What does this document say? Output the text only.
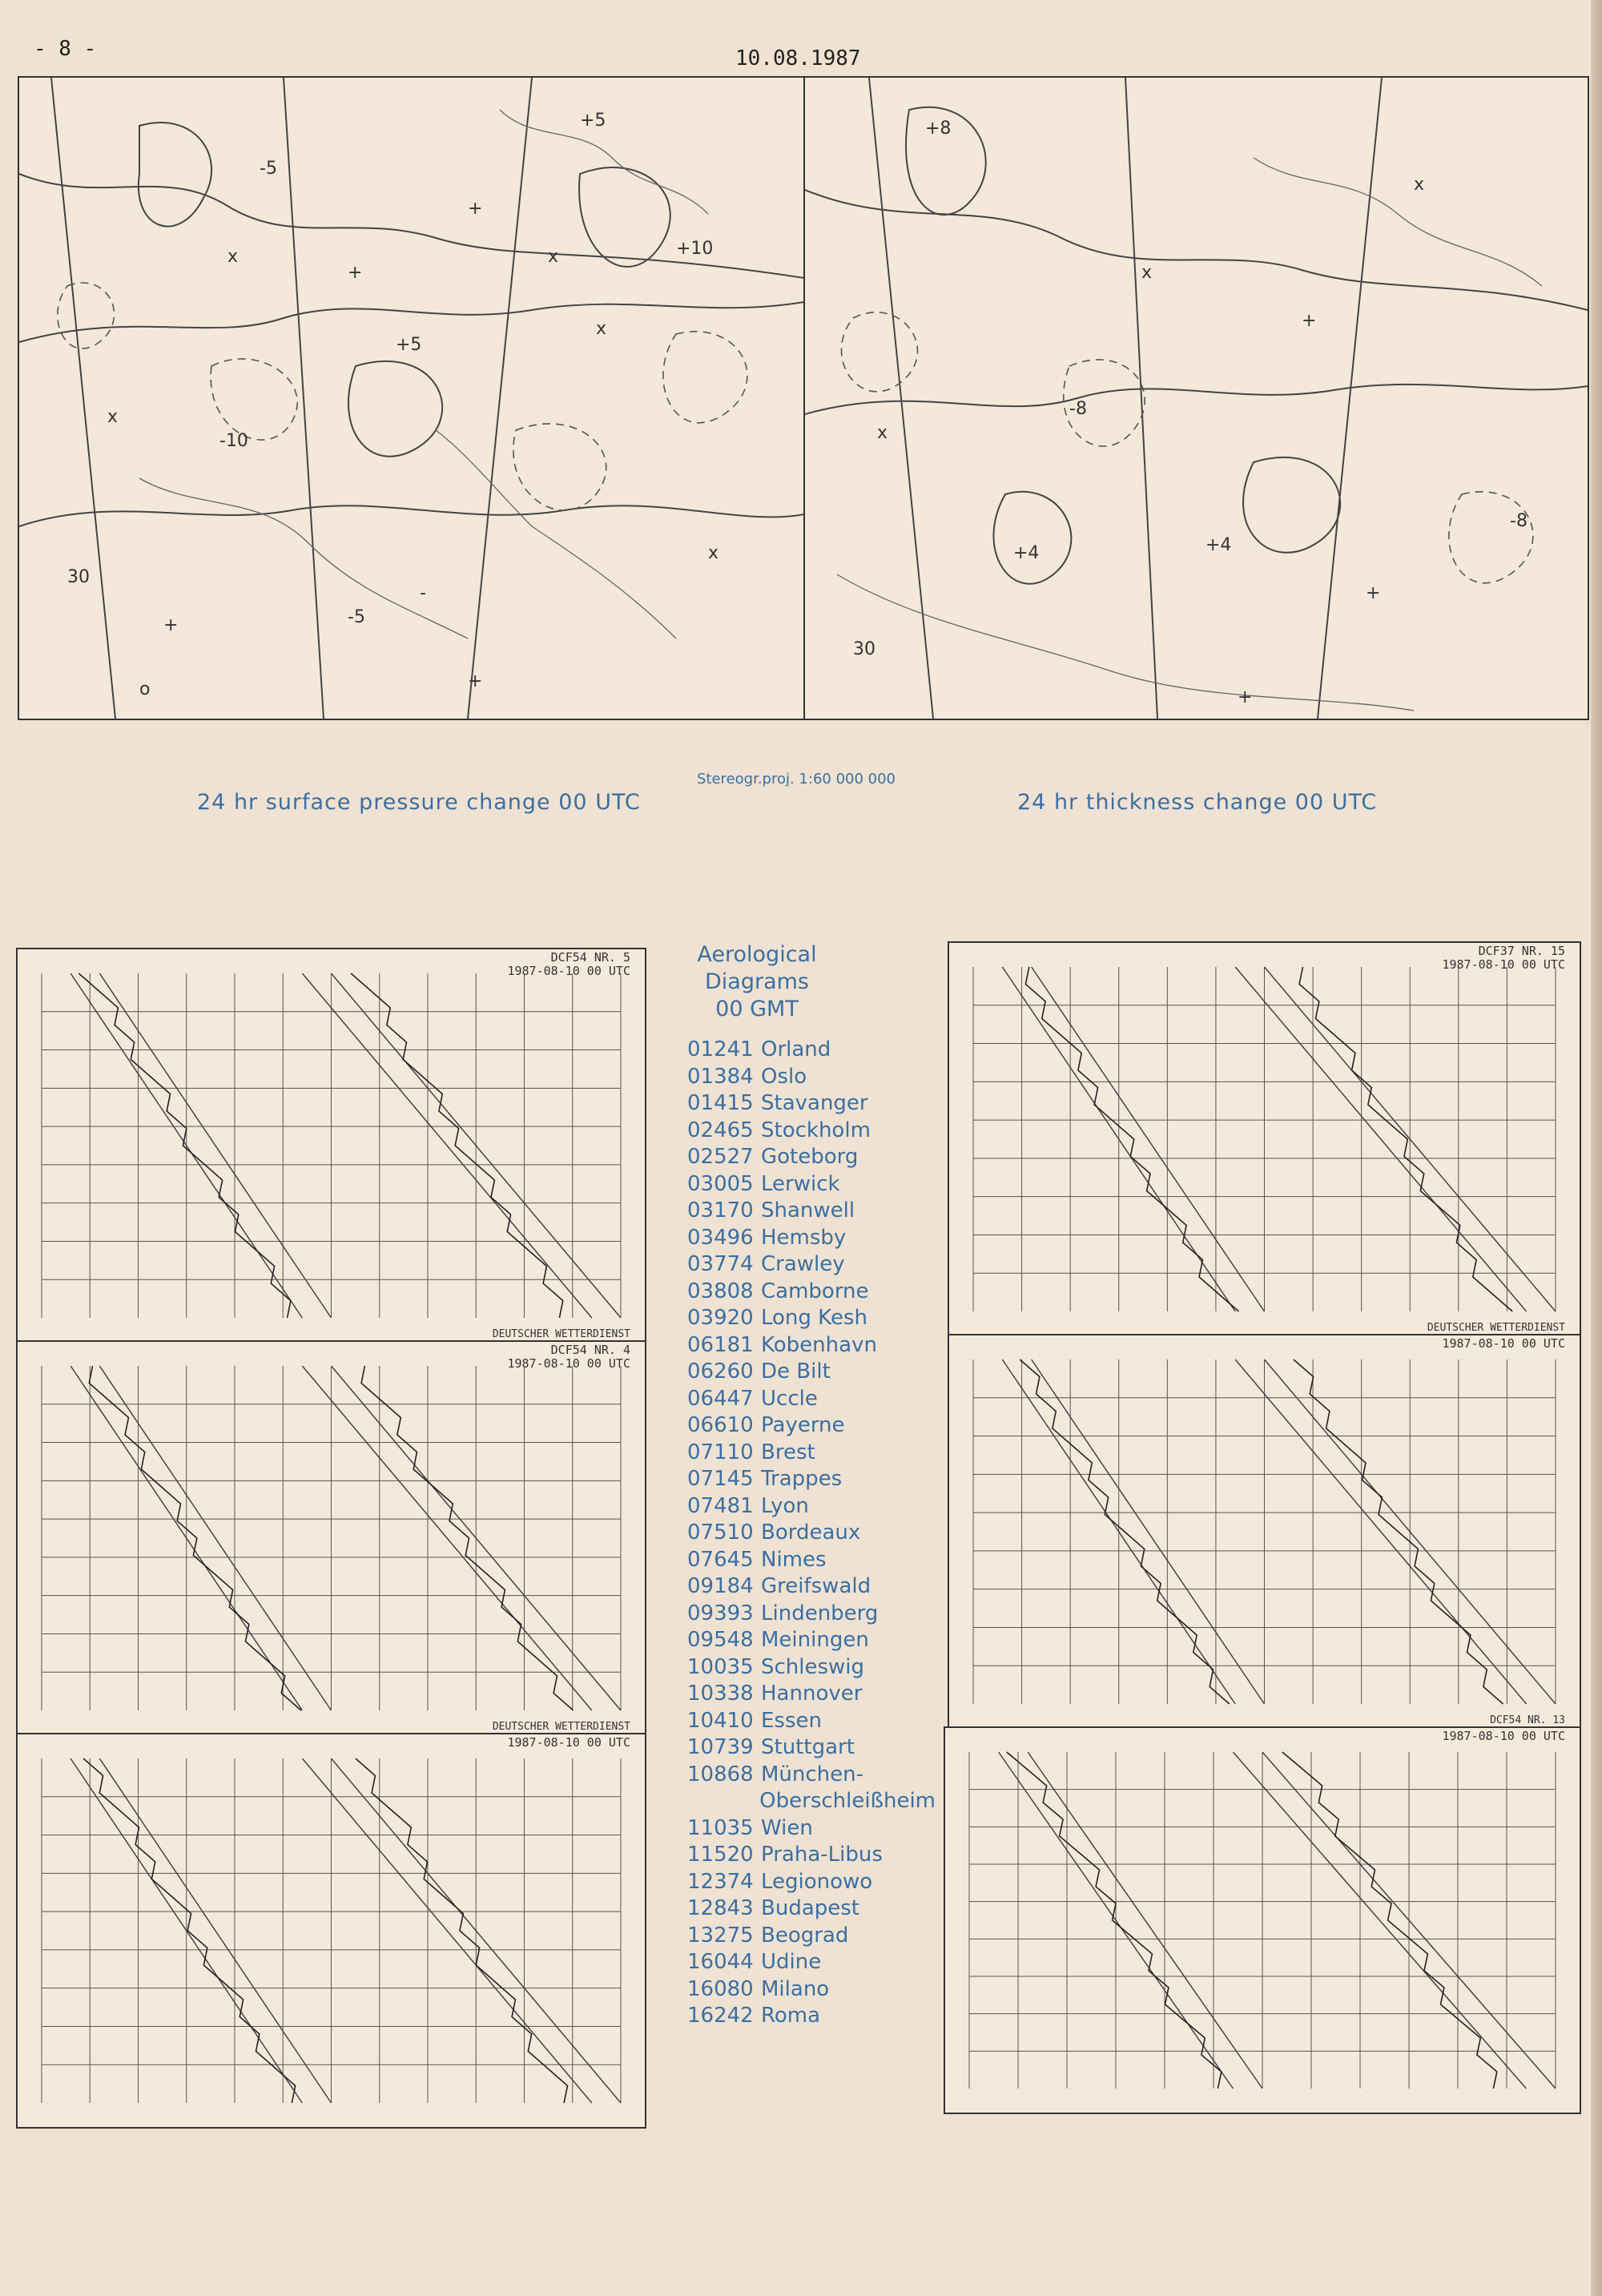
- 8 -	10.08.1987
x
x
+
+
x
+
-
x
x
-5
+5
-10
+5
+10
-5
30
+
o
+8
x
+
x
x
-8
-8
+4
+
+4
30
+
Stereogr.proj. 1:60 000 000
24 hr surface pressure change 00 UTC	24 hr thickness change 00 UTC
Aerological
Diagrams
00 GMT
01241 Orland
01384 Oslo
01415 Stavanger
02465 Stockholm
02527 Goteborg
03005 Lerwick
03170 Shanwell
03496 Hemsby
03774 Crawley
03808 Camborne
03920 Long Kesh
06181 Kobenhavn
06260 De Bilt
06447 Uccle
06610 Payerne
07110 Brest
07145 Trappes
07481 Lyon
07510 Bordeaux
07645 Nimes
09184 Greifswald
09393 Lindenberg
09548 Meiningen
10035 Schleswig
10338 Hannover
10410 Essen
10739 Stuttgart
10868 München-
Oberschleißheim
11035 Wien
11520 Praha-Libus
12374 Legionowo
12843 Budapest
13275 Beograd
16044 Udine
16080 Milano
16242 Roma
DCF54 NR. 5
1987-08-10 00 UTC
DEUTSCHER WETTERDIENST
DCF54 NR. 4
1987-08-10 00 UTC
DEUTSCHER WETTERDIENST
1987-08-10 00 UTC
DCF37 NR. 15
1987-08-10 00 UTC
DEUTSCHER WETTERDIENST
1987-08-10 00 UTC
DCF54 NR. 13
1987-08-10 00 UTC
